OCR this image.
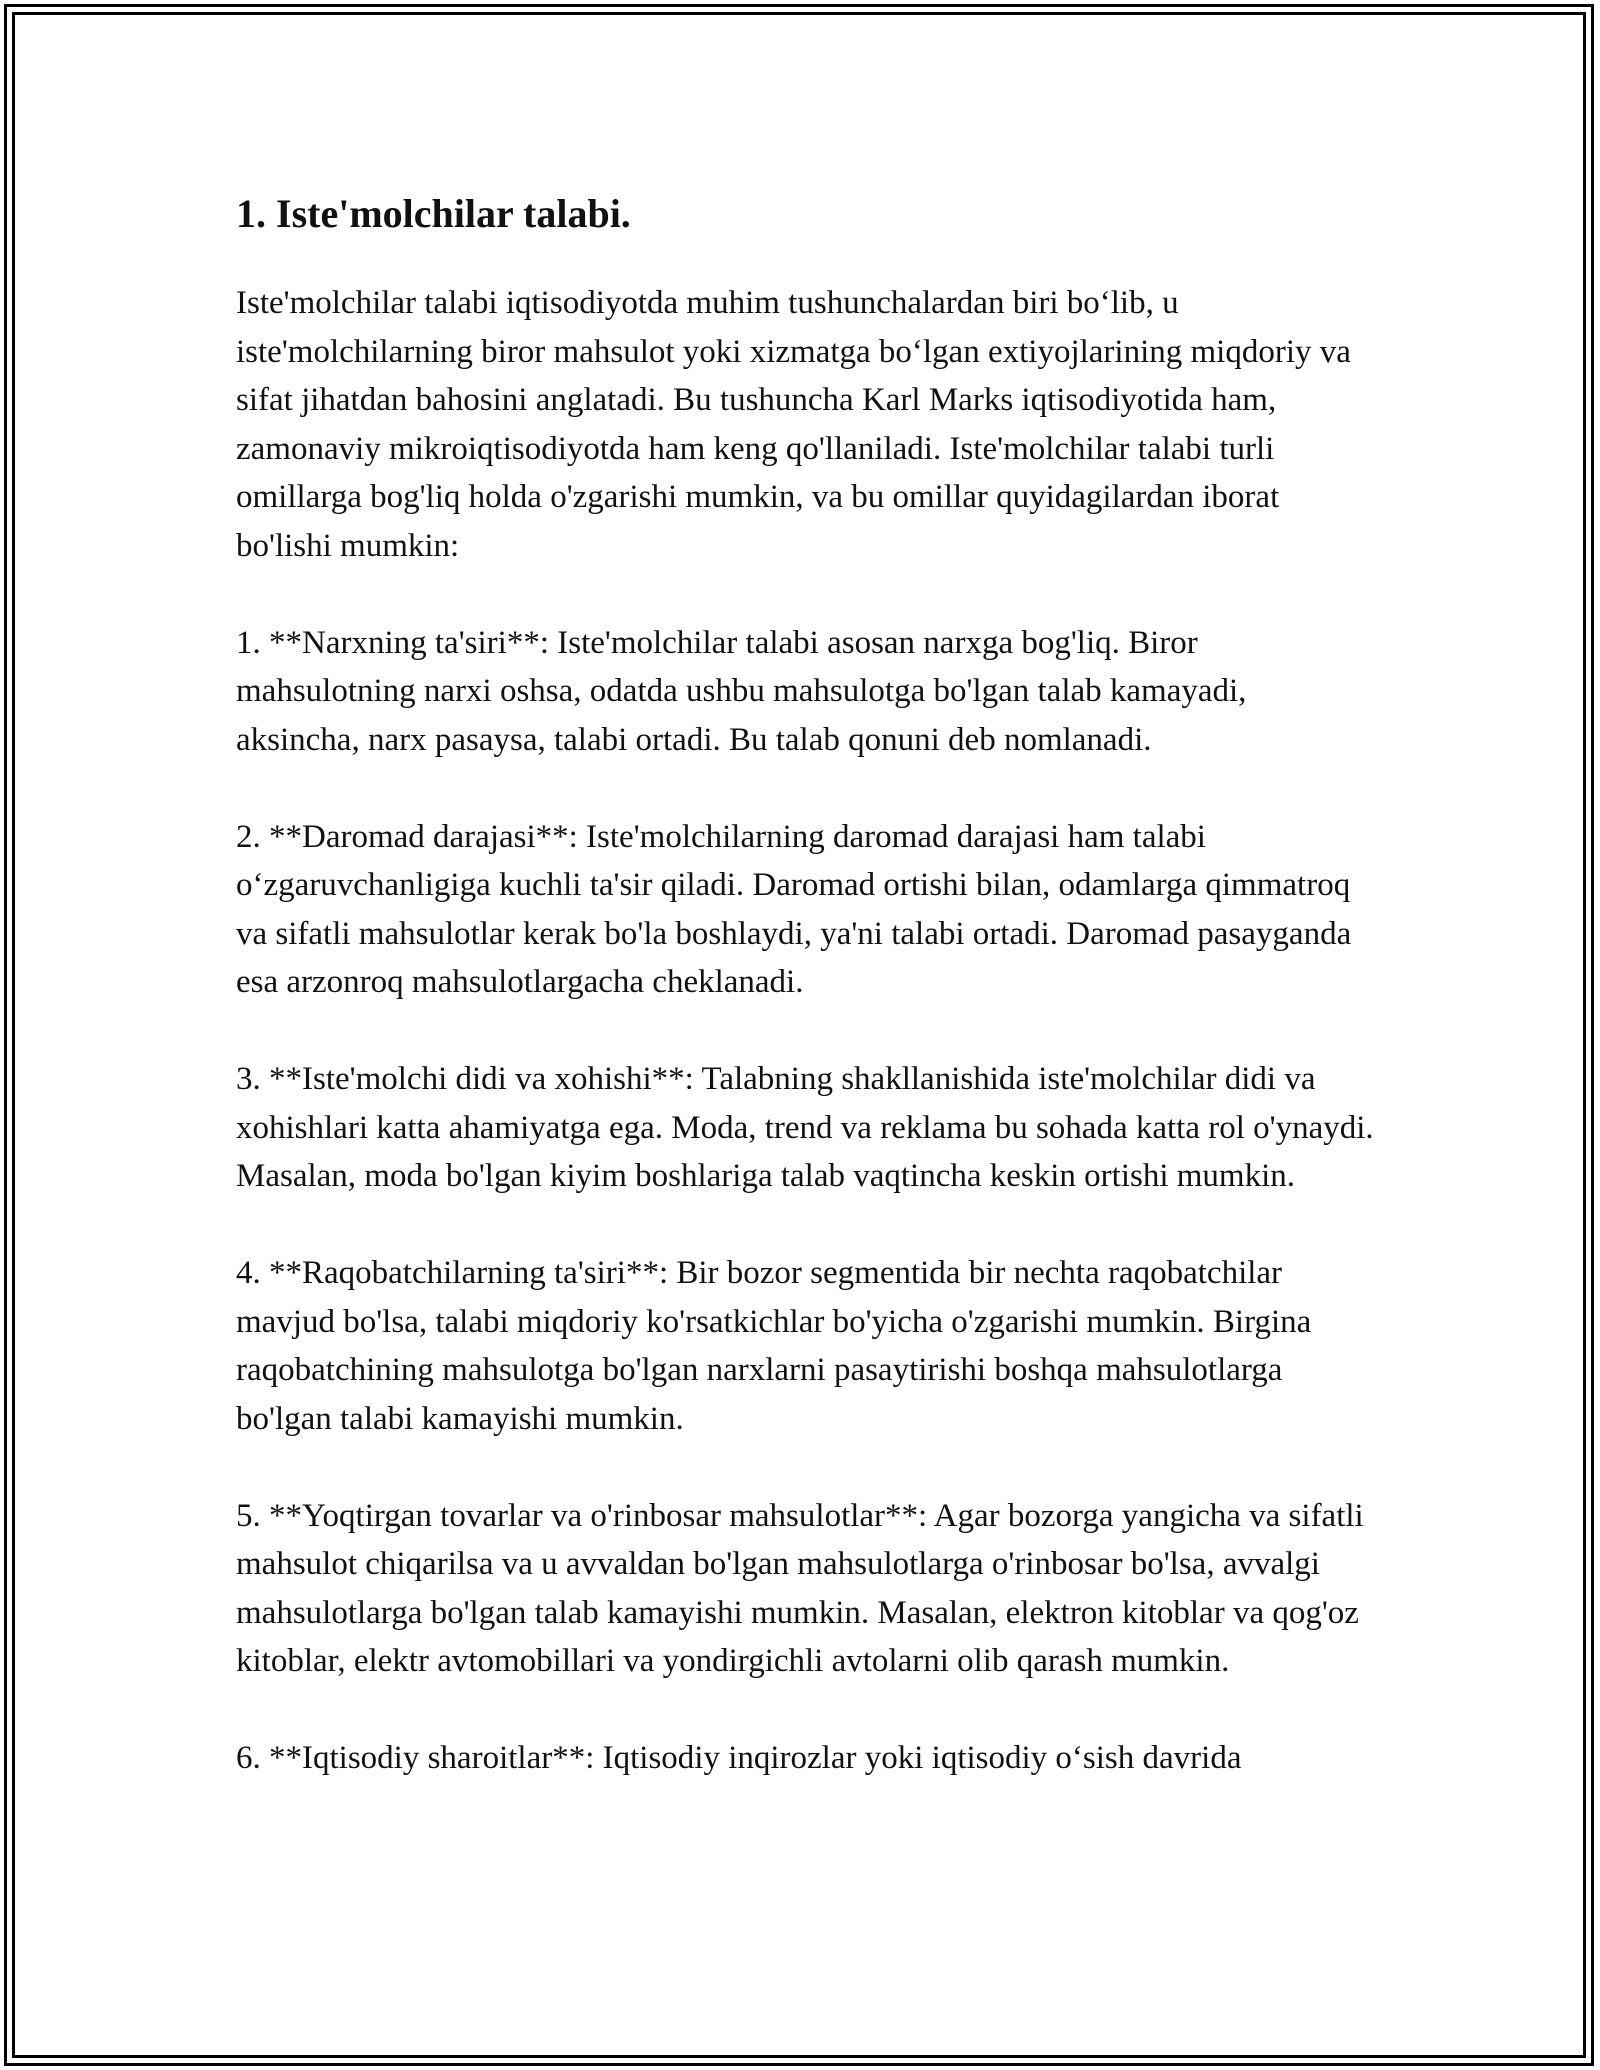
1. Iste'molchilar talabi.

Iste'molchilar talabi iqtisodiyotda muhim tushunchalardan biri bo‘lib, u iste'molchilarning biror mahsulot yoki xizmatga bo‘lgan extiyojlarining miqdoriy va sifat jihatdan bahosini anglatadi. Bu tushuncha Karl Marks iqtisodiyotida ham, zamonaviy mikroiqtisodiyotda ham keng qo'llaniladi. Iste'molchilar talabi turli omillarga bog'liq holda o'zgarishi mumkin, va bu omillar quyidagilardan iborat bo'lishi mumkin:

1. **Narxning ta'siri**: Iste'molchilar talabi asosan narxga bog'liq. Biror mahsulotning narxi oshsa, odatda ushbu mahsulotga bo'lgan talab kamayadi, aksincha, narx pasaysa, talabi ortadi. Bu talab qonuni deb nomlanadi.

2. **Daromad darajasi**: Iste'molchilarning daromad darajasi ham talabi o‘zgaruvchanligiga kuchli ta'sir qiladi. Daromad ortishi bilan, odamlarga qimmatroq va sifatli mahsulotlar kerak bo'la boshlaydi, ya'ni talabi ortadi. Daromad pasayganda esa arzonroq mahsulotlargacha cheklanadi.

3. **Iste'molchi didi va xohishi**: Talabning shakllanishida iste'molchilar didi va xohishlari katta ahamiyatga ega. Moda, trend va reklama bu sohada katta rol o'ynaydi. Masalan, moda bo'lgan kiyim boshlariga talab vaqtincha keskin ortishi mumkin.

4. **Raqobatchilarning ta'siri**: Bir bozor segmentida bir nechta raqobatchilar mavjud bo'lsa, talabi miqdoriy ko'rsatkichlar bo'yicha o'zgarishi mumkin. Birgina raqobatchining mahsulotga bo'lgan narxlarni pasaytirishi boshqa mahsulotlarga bo'lgan talabi kamayishi mumkin.

5. **Yoqtirgan tovarlar va o'rinbosar mahsulotlar**: Agar bozorga yangicha va sifatli mahsulot chiqarilsa va u avvaldan bo'lgan mahsulotlarga o'rinbosar bo'lsa, avvalgi mahsulotlarga bo'lgan talab kamayishi mumkin. Masalan, elektron kitoblar va qog'oz kitoblar, elektr avtomobillari va yondirgichli avtolarni olib qarash mumkin.

6. **Iqtisodiy sharoitlar**: Iqtisodiy inqirozlar yoki iqtisodiy o‘sish davrida
